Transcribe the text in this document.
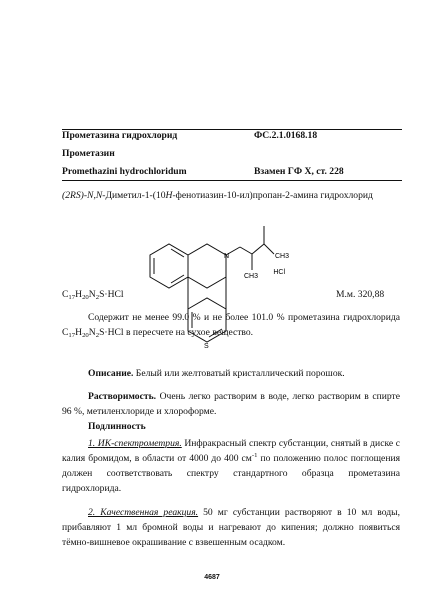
Прометазина гидрохлорид	ФС.2.1.0168.18
Прометазин
Promethazini hydrochloridum	Взамен ГФ X, ст. 228
(2RS)-N,N-Диметил-1-(10H-фенотиазин-10-ил)пропан-2-амина гидрохлорид
N
S
CH3
CH3
HCl
$C_{17}H_{20}N_2S\cdot HCl$	М.м. 320,88
Содержит не менее 99.0 % и не более 101.0 % прометазина гидрохлорида $C_{17}H_{20}N_2S\cdot HCl$ в пересчете на сухое вещество.
Описание. Белый или желтоватый кристаллический порошок.
Растворимость. Очень легко растворим в воде, легко растворим в спирте 96 %, метиленхлориде и хлороформе.
Подлинность
1. ИК-спектрометрия. Инфракрасный спектр субстанции, снятый в диске с калия бромидом, в области от 4000 до 400 $см^{-1}$ по положению полос поглощения должен соответствовать спектру стандартного образца прометазина гидрохлорида.
2. Качественная реакция. 50 мг субстанции растворяют в 10 мл воды, прибавляют 1 мл бромной воды и нагревают до кипения; должно появиться тёмно-вишневое окрашивание с взвешенным осадком.
4687
